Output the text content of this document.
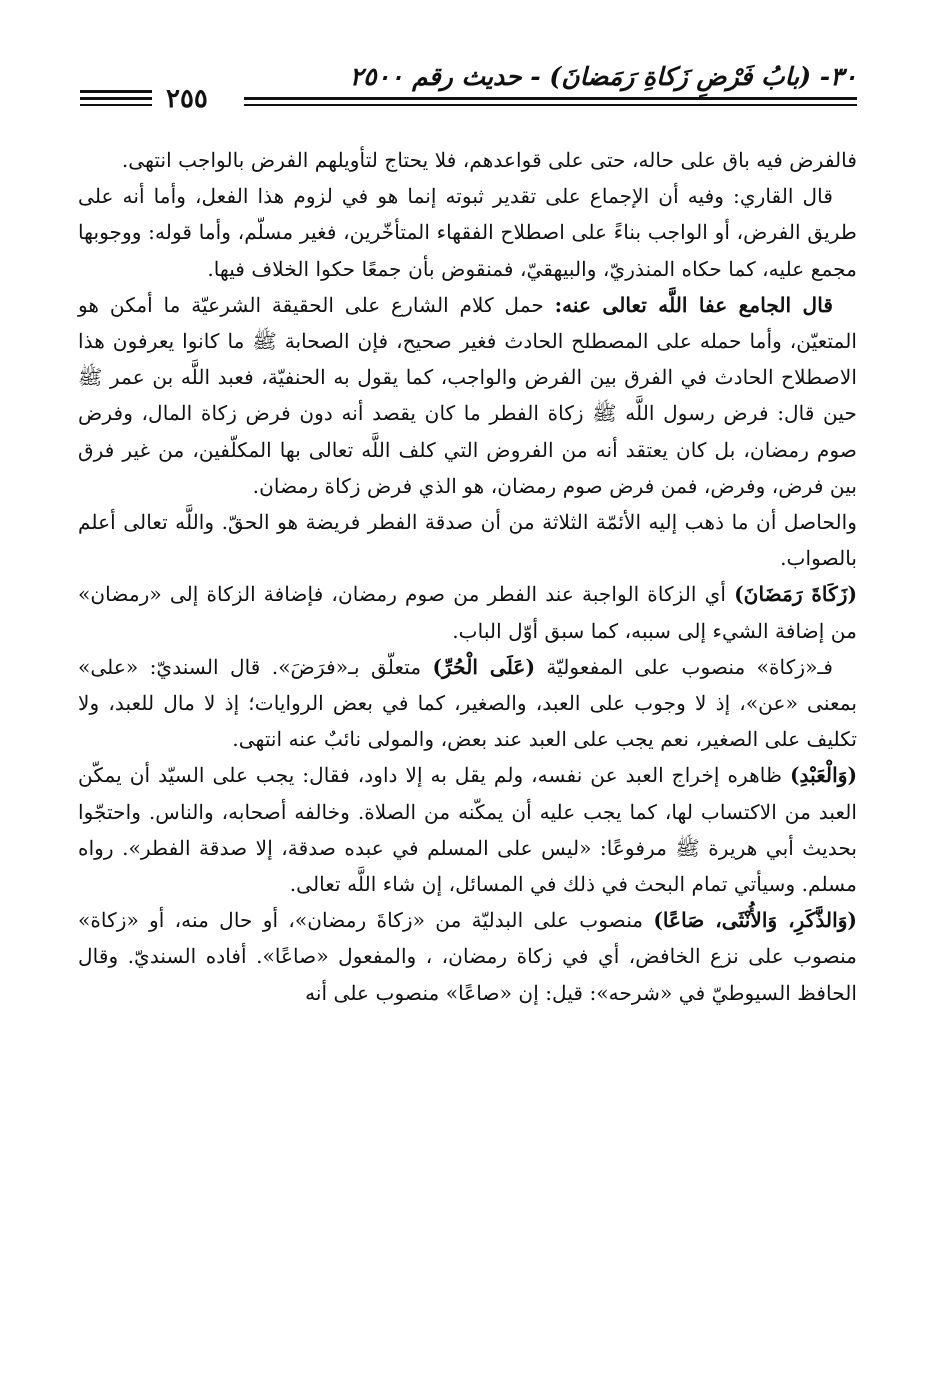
٣٠- (بابُ فَرْضِ زَكاةِ رَمَضانَ) - حديث رقم ٢٥٠٠
٢٥٥

فالفرض فيه باق على حاله، حتى على قواعدهم، فلا يحتاج لتأويلهم الفرض بالواجب انتهى.

قال القاري: وفيه أن الإجماع على تقدير ثبوته إنما هو في لزوم هذا الفعل، وأما أنه على طريق الفرض، أو الواجب بناءً على اصطلاح الفقهاء المتأخّرين، فغير مسلّم، وأما قوله: ووجوبها مجمع عليه، كما حكاه المنذريّ، والبيهقيّ، فمنقوض بأن جمعًا حكوا الخلاف فيها.

قال الجامع عفا اللَّه تعالى عنه: حمل كلام الشارع على الحقيقة الشرعيّة ما أمكن هو المتعيّن، وأما حمله على المصطلح الحادث فغير صحيح، فإن الصحابة ﷺ ما كانوا يعرفون هذا الاصطلاح الحادث في الفرق بين الفرض والواجب، كما يقول به الحنفيّة، فعبد اللَّه بن عمر ﷺ حين قال: فرض رسول اللَّه ﷺ زكاة الفطر ما كان يقصد أنه دون فرض زكاة المال، وفرض صوم رمضان، بل كان يعتقد أنه من الفروض التي كلف اللَّه تعالى بها المكلّفين، من غير فرق بين فرض، وفرض، فمن فرض صوم رمضان، هو الذي فرض زكاة رمضان.

والحاصل أن ما ذهب إليه الأئمّة الثلاثة من أن صدقة الفطر فريضة هو الحقّ. واللَّه تعالى أعلم بالصواب.

(زَكَاةَ رَمَضَانَ) أي الزكاة الواجبة عند الفطر من صوم رمضان، فإضافة الزكاة إلى «رمضان» من إضافة الشيء إلى سببه، كما سبق أوّل الباب.

فـ«زكاة» منصوب على المفعوليّة (عَلَى الْحُرِّ) متعلّق بـ«فرَضَ». قال السنديّ: «على» بمعنى «عن»، إذ لا وجوب على العبد، والصغير، كما في بعض الروايات؛ إذ لا مال للعبد، ولا تكليف على الصغير، نعم يجب على العبد عند بعض، والمولى نائبٌ عنه انتهى.

(وَالْعَبْدِ) ظاهره إخراج العبد عن نفسه، ولم يقل به إلا داود، فقال: يجب على السيّد أن يمكّن العبد من الاكتساب لها، كما يجب عليه أن يمكّنه من الصلاة. وخالفه أصحابه، والناس. واحتجّوا بحديث أبي هريرة ﷺ مرفوعًا: «ليس على المسلم في عبده صدقة، إلا صدقة الفطر». رواه مسلم. وسيأتي تمام البحث في ذلك في المسائل، إن شاء اللَّه تعالى.

(وَالذَّكَرِ، وَالأُنْثَى، صَاعًا) منصوب على البدليّة من «زكاةَ رمضان»، أو حال منه، أو «زكاة» منصوب على نزع الخافض، أي في زكاة رمضان، ، والمفعول «صاعًا». أفاده السنديّ. وقال الحافظ السيوطيّ في «شرحه»: قيل: إن «صاعًا» منصوب على أنه
